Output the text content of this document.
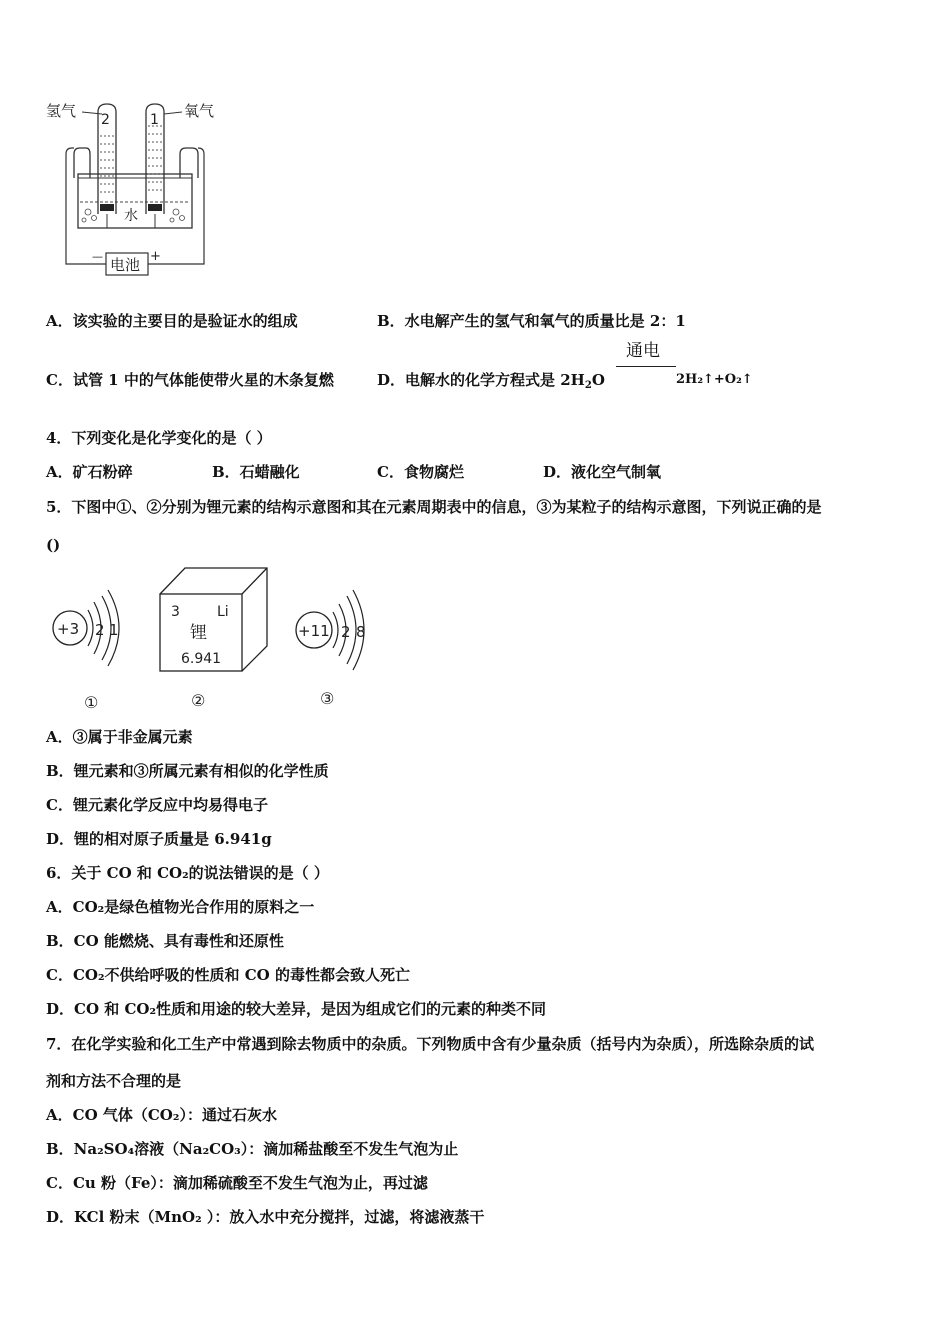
氢气	氧气
2	1
水
电池
—	+
A．该实验的主要目的是验证水的组成	B．水电解产生的氢气和氧气的质量比是 2：1
C．试管 1 中的气体能使带火星的木条复燃	D．电解水的化学方程式是 $2H_2O$
通电
2H₂↑+O₂↑
4．下列变化是化学变化的是（ ）
A．矿石粉碎	B．石蜡融化	C．食物腐烂	D．液化空气制氧
5．下图中①、②分别为锂元素的结构示意图和其在元素周期表中的信息，③为某粒子的结构示意图，下列说正确的是
()
+3 2 1
①
3	Li
锂
6.941
②
+11 2 8
③
A．③属于非金属元素
B．锂元素和③所属元素有相似的化学性质
C．锂元素化学反应中均易得电子
D．锂的相对原子质量是 6.941g
6．关于 CO 和 CO₂的说法错误的是（ ）
A．CO₂是绿色植物光合作用的原料之一
B．CO 能燃烧、具有毒性和还原性
C．CO₂不供给呼吸的性质和 CO 的毒性都会致人死亡
D．CO 和 CO₂性质和用途的较大差异，是因为组成它们的元素的种类不同
7．在化学实验和化工生产中常遇到除去物质中的杂质。下列物质中含有少量杂质（括号内为杂质），所选除杂质的试
剂和方法不合理的是
A．CO 气体（CO₂）：通过石灰水
B．Na₂SO₄溶液（Na₂CO₃）：滴加稀盐酸至不发生气泡为止
C．Cu 粉（Fe）：滴加稀硫酸至不发生气泡为止，再过滤
D．KCl 粉末（MnO₂ ）：放入水中充分搅拌，过滤，将滤液蒸干
